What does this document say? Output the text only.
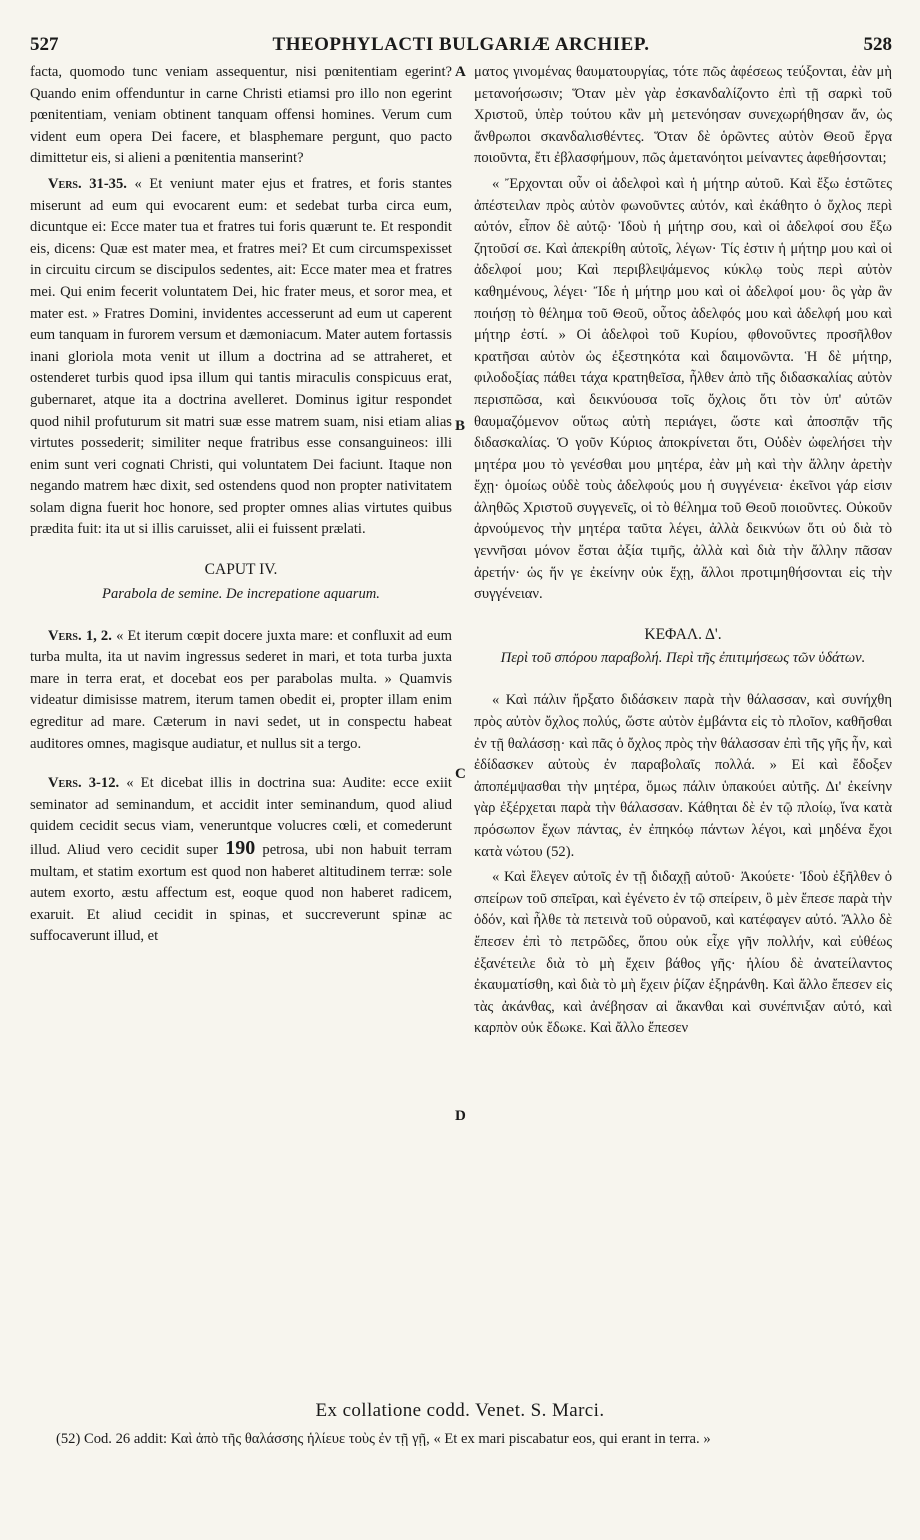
527	THEOPHYLACTI BULGARIÆ ARCHIEP.	528
A
B
C
D

facta, quomodo tunc veniam assequentur, nisi pœnitentiam egerint? Quando enim offenduntur in carne Christi etiamsi pro illo non egerint pœnitentiam, veniam obtinent tanquam offensi homines. Verum cum vident eum opera Dei facere, et blasphemare pergunt, quo pacto dimittetur eis, si alieni a pœnitentia manserint?

Vers. 31-35. « Et veniunt mater ejus et fratres, et foris stantes miserunt ad eum qui evocarent eum: et sedebat turba circa eum, dicuntque ei: Ecce mater tua et fratres tui foris quærunt te. Et respondit eis, dicens: Quæ est mater mea, et fratres mei? Et cum circumspexisset in circuitu circum se discipulos sedentes, ait: Ecce mater mea et fratres mei. Qui enim fecerit voluntatem Dei, hic frater meus, et soror mea, et mater est. » Fratres Domini, invidentes accesserunt ad eum ut caperent eum tanquam in furorem versum et dæmoniacum. Mater autem fortassis inani gloriola mota venit ut illum a doctrina ad se attraheret, et ostenderet turbis quod ipsa illum qui tantis miraculis conspicuus erat, gubernaret, atque ita a doctrina avelleret. Dominus igitur respondet quod nihil profuturum sit matri suæ esse matrem suam, nisi etiam alias virtutes possederit; similiter neque fratribus esse consanguineos: illi enim sunt veri cognati Christi, qui voluntatem Dei faciunt. Itaque non negando matrem hæc dixit, sed ostendens quod non propter nativitatem solam digna fuerit hoc honore, sed propter omnes alias virtutes quibus prædita fuit: ita ut si illis caruisset, alii ei fuissent prælati.

CAPUT IV.
Parabola de semine. De increpatione aquarum.

Vers. 1, 2. « Et iterum cœpit docere juxta mare: et confluxit ad eum turba multa, ita ut navim ingressus sederet in mari, et tota turba juxta mare in terra erat, et docebat eos per parabolas multa. » Quamvis videatur dimisisse matrem, iterum tamen obedit ei, propter illam enim egreditur ad mare. Cæterum in navi sedet, ut in conspectu habeat auditores omnes, magisque audiatur, et nullus sit a tergo.

Vers. 3-12. « Et dicebat illis in doctrina sua: Audite: ecce exiit seminator ad seminandum, et accidit inter seminandum, quod aliud quidem cecidit secus viam, veneruntque volucres cœli, et comederunt illud. Aliud vero cecidit super 190 petrosa, ubi non habuit terram multam, et statim exortum est quod non haberet altitudinem terræ: sole autem exorto, æstu affectum est, eoque quod non haberet radicem, exaruit. Et aliud cecidit in spinas, et succreverunt spinæ ac suffocaverunt illud, et

ματος γινομένας θαυματουργίας, τότε πῶς ἀφέσεως τεύξονται, ἐὰν μὴ μετανοήσωσιν; Ὅταν μὲν γὰρ ἐσκανδαλίζοντο ἐπὶ τῇ σαρκὶ τοῦ Χριστοῦ, ὑπὲρ τούτου κἂν μὴ μετενόησαν συνεχωρήθησαν ἄν, ὡς ἄνθρωποι σκανδαλισθέντες. Ὅταν δὲ ὁρῶντες αὐτὸν Θεοῦ ἔργα ποιοῦντα, ἔτι ἐβλασφήμουν, πῶς ἀμετανόητοι μείναντες ἀφεθήσονται;

« Ἔρχονται οὖν οἱ ἀδελφοὶ καὶ ἡ μήτηρ αὐτοῦ. Καὶ ἔξω ἑστῶτες ἀπέστειλαν πρὸς αὐτὸν φωνοῦντες αὐτόν, καὶ ἐκάθητο ὁ ὄχλος περὶ αὐτόν, εἶπον δὲ αὐτῷ· Ἰδοὺ ἡ μήτηρ σου, καὶ οἱ ἀδελφοί σου ἔξω ζητοῦσί σε. Καὶ ἀπεκρίθη αὐτοῖς, λέγων· Τίς ἐστιν ἡ μήτηρ μου καὶ οἱ ἀδελφοί μου; Καὶ περιβλεψάμενος κύκλῳ τοὺς περὶ αὐτὸν καθημένους, λέγει· Ἴδε ἡ μήτηρ μου καὶ οἱ ἀδελφοί μου· ὃς γὰρ ἂν ποιήσῃ τὸ θέλημα τοῦ Θεοῦ, οὗτος ἀδελφός μου καὶ ἀδελφή μου καὶ μήτηρ ἐστί. » Οἱ ἀδελφοὶ τοῦ Κυρίου, φθονοῦντες προσῆλθον κρατῆσαι αὐτὸν ὡς ἐξεστηκότα καὶ δαιμονῶντα. Ἡ δὲ μήτηρ, φιλοδοξίας πάθει τάχα κρατηθεῖσα, ἦλθεν ἀπὸ τῆς διδασκαλίας αὐτὸν περισπῶσα, καὶ δεικνύουσα τοῖς ὄχλοις ὅτι τὸν ὑπ' αὐτῶν θαυμαζόμενον οὕτως αὐτὴ περιάγει, ὥστε καὶ ἀποσπᾷν τῆς διδασκαλίας. Ὁ γοῦν Κύριος ἀποκρίνεται ὅτι, Οὐδὲν ὠφελήσει τὴν μητέρα μου τὸ γενέσθαι μου μητέρα, ἐὰν μὴ καὶ τὴν ἄλλην ἀρετὴν ἔχῃ· ὁμοίως οὐδὲ τοὺς ἀδελφούς μου ἡ συγγένεια· ἐκεῖνοι γάρ εἰσιν ἀληθῶς Χριστοῦ συγγενεῖς, οἱ τὸ θέλημα τοῦ Θεοῦ ποιοῦντες. Οὐκοῦν ἀρνούμενος τὴν μητέρα ταῦτα λέγει, ἀλλὰ δεικνύων ὅτι οὐ διὰ τὸ γεννῆσαι μόνον ἔσται ἀξία τιμῆς, ἀλλὰ καὶ διὰ τὴν ἄλλην πᾶσαν ἀρετήν· ὡς ἥν γε ἐκείνην οὐκ ἔχῃ, ἄλλοι προτιμηθήσονται εἰς τὴν συγγένειαν.

ΚΕΦΑΛ. Δ'.
Περὶ τοῦ σπόρου παραβολή. Περὶ τῆς ἐπιτιμήσεως τῶν ὑδάτων.

« Καὶ πάλιν ἤρξατο διδάσκειν παρὰ τὴν θάλασσαν, καὶ συνήχθη πρὸς αὐτὸν ὄχλος πολύς, ὥστε αὐτὸν ἐμβάντα εἰς τὸ πλοῖον, καθῆσθαι ἐν τῇ θαλάσσῃ· καὶ πᾶς ὁ ὄχλος πρὸς τὴν θάλασσαν ἐπὶ τῆς γῆς ἦν, καὶ ἐδίδασκεν αὐτοὺς ἐν παραβολαῖς πολλά. » Εἰ καὶ ἔδοξεν ἀποπέμψασθαι τὴν μητέρα, ὅμως πάλιν ὑπακούει αὐτῆς. Δι' ἐκείνην γὰρ ἐξέρχεται παρὰ τὴν θάλασσαν. Κάθηται δὲ ἐν τῷ πλοίῳ, ἵνα κατὰ πρόσωπον ἔχων πάντας, ἐν ἐπηκόῳ πάντων λέγοι, καὶ μηδένα ἔχοι κατὰ νώτου (52).

« Καὶ ἔλεγεν αὐτοῖς ἐν τῇ διδαχῇ αὐτοῦ· Ἀκούετε· Ἰδοὺ ἐξῆλθεν ὁ σπείρων τοῦ σπεῖραι, καὶ ἐγένετο ἐν τῷ σπείρειν, ὃ μὲν ἔπεσε παρὰ τὴν ὁδόν, καὶ ἦλθε τὰ πετεινὰ τοῦ οὐρανοῦ, καὶ κατέφαγεν αὐτό. Ἄλλο δὲ ἔπεσεν ἐπὶ τὸ πετρῶδες, ὅπου οὐκ εἶχε γῆν πολλήν, καὶ εὐθέως ἐξανέτειλε διὰ τὸ μὴ ἔχειν βάθος γῆς· ἡλίου δὲ ἀνατείλαντος ἐκαυματίσθη, καὶ διὰ τὸ μὴ ἔχειν ῥίζαν ἐξηράνθη. Καὶ ἄλλο ἔπεσεν εἰς τὰς ἀκάνθας, καὶ ἀνέβησαν αἱ ἄκανθαι καὶ συνέπνιξαν αὐτό, καὶ καρπὸν οὐκ ἔδωκε. Καὶ ἄλλο ἔπεσεν

Ex collatione codd. Venet. S. Marci.
(52) Cod. 26 addit: Καὶ ἀπὸ τῆς θαλάσσης ἡλίευε τοὺς ἐν τῇ γῇ, « Et ex mari piscabatur eos, qui erant in terra. »
